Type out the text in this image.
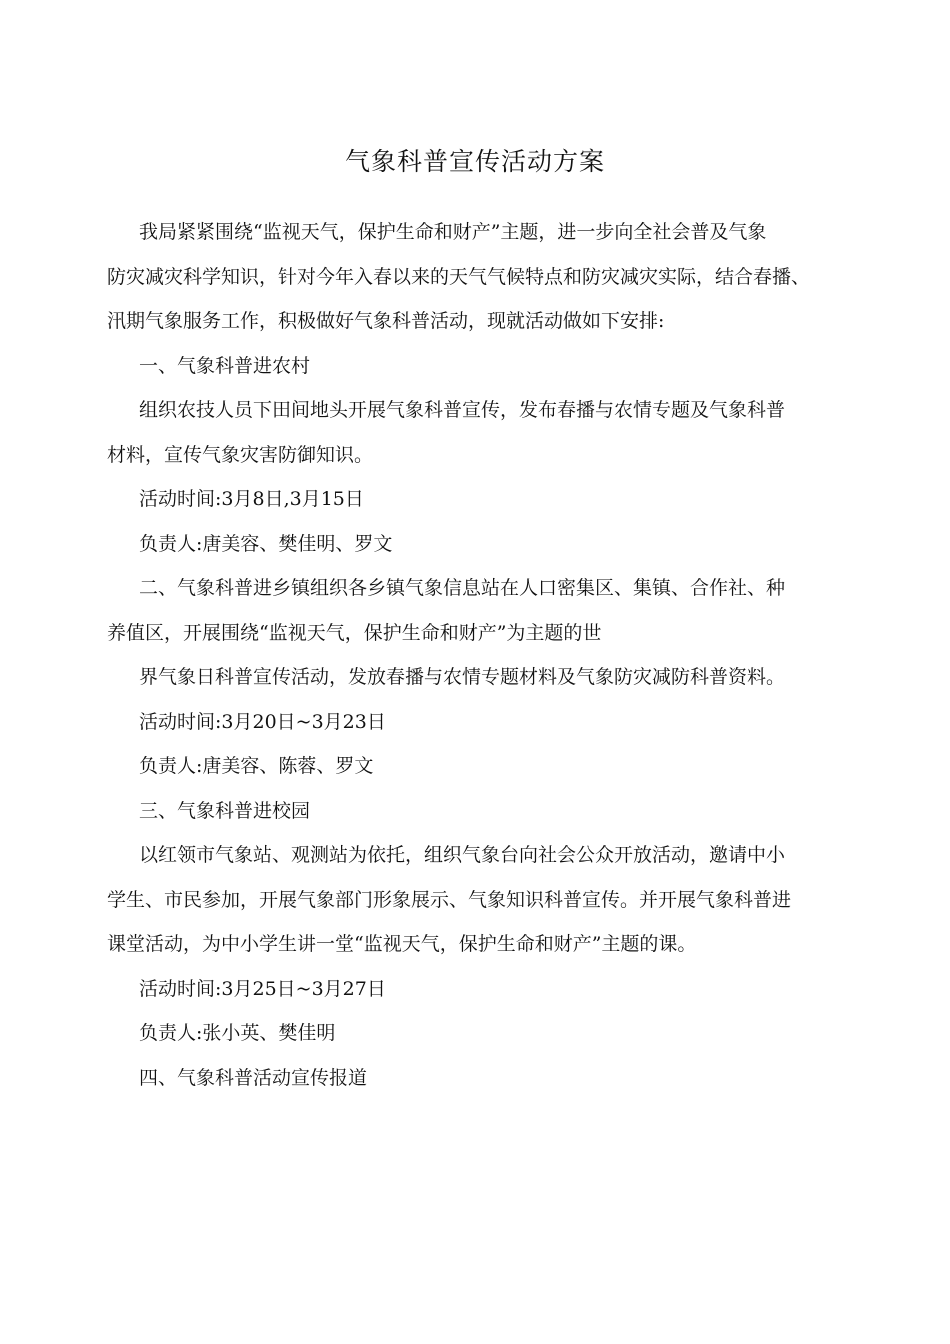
气象科普宣传活动方案
我局紧紧围绕“监视天气，保护生命和财产”主题，进一步向全社会普及气象
防灾减灾科学知识，针对今年入春以来的天气气候特点和防灾减灾实际，结合春播、
汛期气象服务工作，积极做好气象科普活动，现就活动做如下安排:
一、气象科普进农村
组织农技人员下田间地头开展气象科普宣传，发布春播与农情专题及气象科普
材料，宣传气象灾害防御知识。
活动时间:3月8日,3月15日
负责人:唐美容、樊佳明、罗文
二、气象科普进乡镇组织各乡镇气象信息站在人口密集区、集镇、合作社、种
养值区，开展围绕“监视天气，保护生命和财产”为主题的世
界气象日科普宣传活动，发放春播与农情专题材料及气象防灾减防科普资料。
活动时间:3月20日~3月23日
负责人:唐美容、陈蓉、罗文
三、气象科普进校园
以红领市气象站、观测站为依托，组织气象台向社会公众开放活动，邀请中小
学生、市民参加，开展气象部门形象展示、气象知识科普宣传。并开展气象科普进
课堂活动，为中小学生讲一堂“监视天气，保护生命和财产”主题的课。
活动时间:3月25日~3月27日
负责人:张小英、樊佳明
四、气象科普活动宣传报道
